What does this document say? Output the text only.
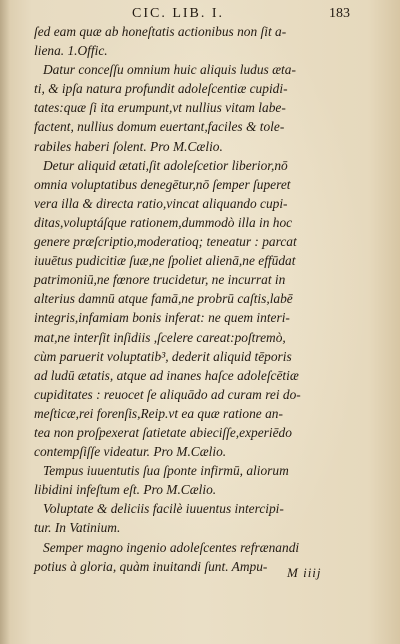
CIC. LIB. I.	183
ſed eam quæ ab honeſtatis actionibus non ſit a-
liena. 1.Offic.
Datur conceſſu omnium huic aliquis ludus æta-
ti, & ipſa natura profundit adoleſcentiæ cupidi-
tates:quæ ſi ita erumpunt,vt nullius vitam labe-
factent, nullius domum euertant,faciles & tole-
rabiles haberi ſolent. Pro M.Cælio.
Detur aliquid ætati,ſit adoleſcetior liberior,nō
omnia voluptatibus denegētur,nō ſemper ſuperet
vera illa & directa ratio,vincat aliquando cupi-
ditas,voluptáſque rationem,dummodò illa in hoc
genere præſcriptio,moderatioq; teneatur : parcat
iuuētus pudicitiæ ſuæ,ne ſpoliet alienā,ne effūdat
patrimoniū,ne fœnore trucidetur, ne incurrat in
alterius damnū atque famā,ne probrū caſtis,labē
integris,infamiam bonis inferat: ne quem interi-
mat,ne interſit inſidiis ,ſcelere careat:poſtremò,
cùm paruerit voluptatib³, dederit aliquid tēporis
ad ludū ætatis, atque ad inanes haſce adoleſcētiæ
cupiditates : reuocet ſe aliquādo ad curam rei do-
meſticæ,rei forenſis,Reip.vt ea quæ ratione an-
tea non proſpexerat ſatietate abieciſſe,experiēdo
contempſiſſe videatur. Pro M.Cælio.
Tempus iuuentutis ſua ſponte infirmū, aliorum
libidini infeſtum eſt. Pro M.Cælio.
Voluptate & deliciis facilè iuuentus intercipi-
tur. In Vatinium.
Semper magno ingenio adoleſcentes refrænandi
potius à gloria, quàm inuitandi ſunt. Ampu-	M iiij
